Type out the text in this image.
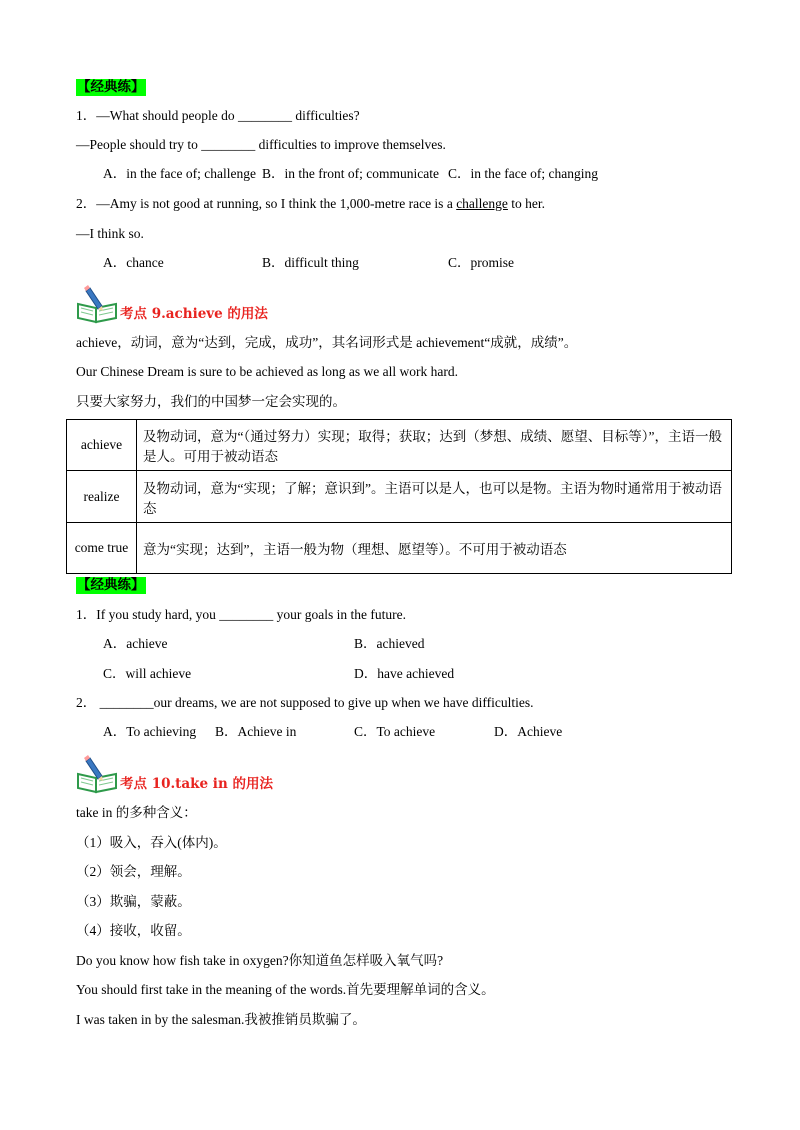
【经典练】
1．—What should people do ________ difficulties?
—People should try to ________ difficulties to improve themselves.
A．in the face of; challenge B．in the front of; communicate C．in the face of; changing
2．—Amy is not good at running, so I think the 1,000-metre race is a challenge to her.
—I think so.
A．chance	B．difficult thing	C．promise
考点 9.achieve 的用法
achieve，动词，意为“达到，完成，成功”，其名词形式是 achievement“成就，成绩”。
Our Chinese Dream is sure to be achieved as long as we all work hard.
只要大家努力，我们的中国梦一定会实现的。
achieve	及物动词，意为“（通过努力）实现；取得；获取；达到（梦想、成绩、愿望、目标等）”，主语一般是人。可用于被动语态
realize	及物动词，意为“实现；了解；意识到”。主语可以是人，也可以是物。主语为物时通常用于被动语态
come true	意为“实现；达到”，主语一般为物（理想、愿望等）。不可用于被动语态
【经典练】
1．If you study hard, you ________ your goals in the future.
A．achieve	B．achieved
C．will achieve	D．have achieved
2． ________our dreams, we are not supposed to give up when we have difficulties.
A．To achieving B．Achieve in	C．To achieve	D．Achieve
考点 10.take in 的用法
take in 的多种含义：
（1）吸入，吞入(体内)。
（2）领会，理解。
（3）欺骗，蒙蔽。
（4）接收，收留。
Do you know how fish take in oxygen?你知道鱼怎样吸入氧气吗?
You should first take in the meaning of the words.首先要理解单词的含义。
I was taken in by the salesman.我被推销员欺骗了。
